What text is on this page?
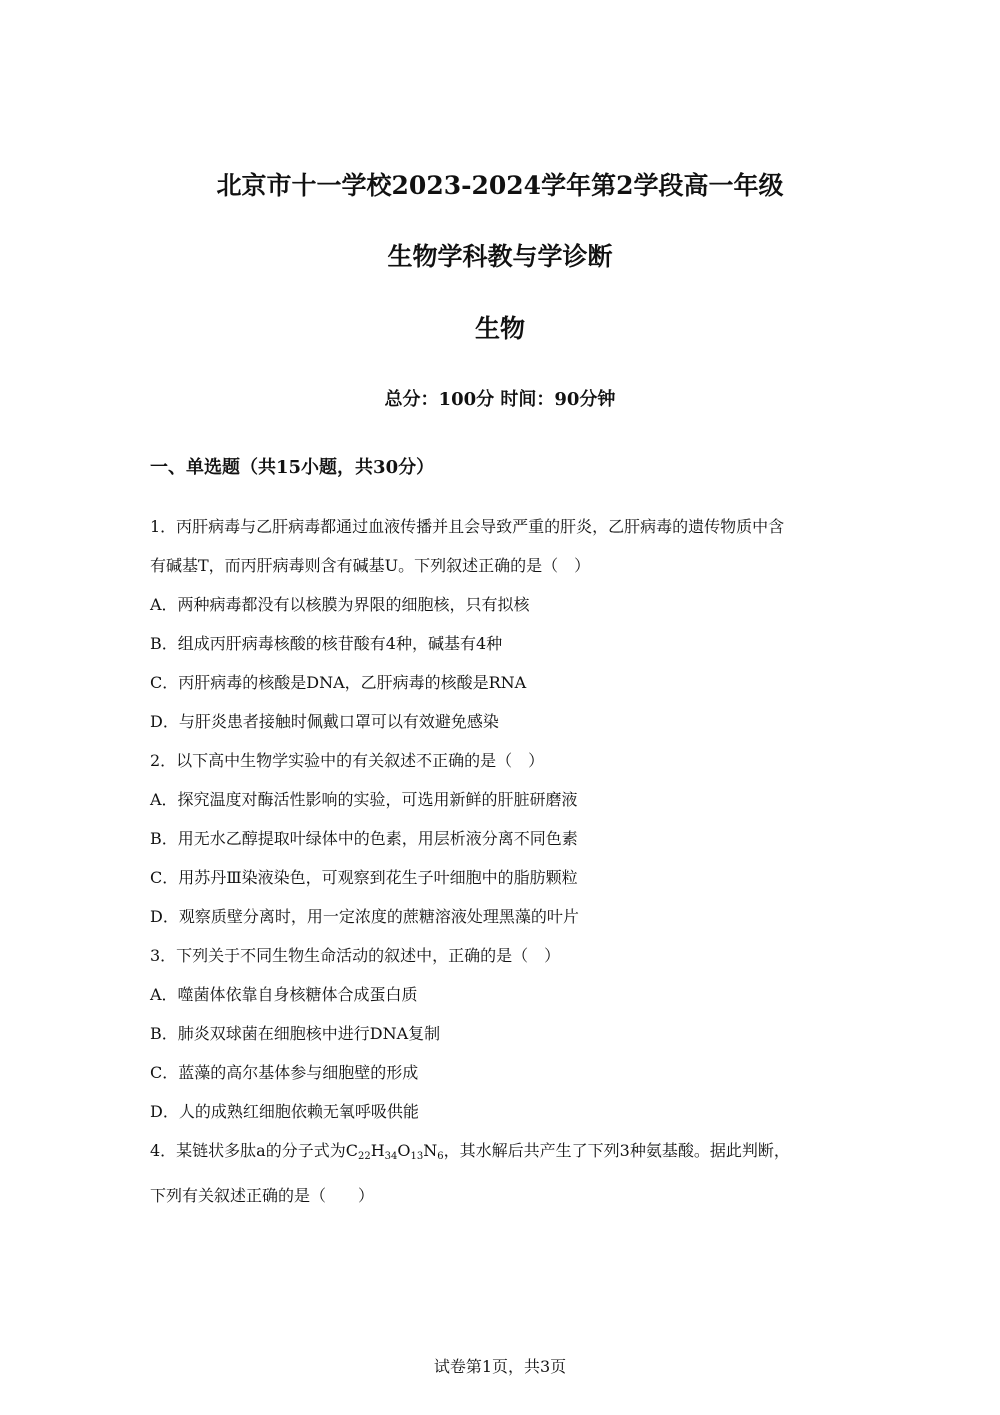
北京市十一学校2023-2024学年第2学段高一年级
生物学科教与学诊断
生物
总分：100分 时间：90分钟
一、单选题（共15小题，共30分）

1．丙肝病毒与乙肝病毒都通过血液传播并且会导致严重的肝炎，乙肝病毒的遗传物质中含

有碱基T，而丙肝病毒则含有碱基U。下列叙述正确的是（　）

A．两种病毒都没有以核膜为界限的细胞核，只有拟核

B．组成丙肝病毒核酸的核苷酸有4种，碱基有4种

C．丙肝病毒的核酸是DNA，乙肝病毒的核酸是RNA

D．与肝炎患者接触时佩戴口罩可以有效避免感染

2．以下高中生物学实验中的有关叙述不正确的是（　）

A．探究温度对酶活性影响的实验，可选用新鲜的肝脏研磨液

B．用无水乙醇提取叶绿体中的色素，用层析液分离不同色素

C．用苏丹Ⅲ染液染色，可观察到花生子叶细胞中的脂肪颗粒

D．观察质壁分离时，用一定浓度的蔗糖溶液处理黑藻的叶片

3．下列关于不同生物生命活动的叙述中，正确的是（　）

A．噬菌体依靠自身核糖体合成蛋白质

B．肺炎双球菌在细胞核中进行DNA复制

C．蓝藻的高尔基体参与细胞壁的形成

D．人的成熟红细胞依赖无氧呼吸供能

4．某链状多肽a的分子式为$C_{22}H_{34}O_{13}N_6$，其水解后共产生了下列3种氨基酸。据此判断，

下列有关叙述正确的是（　　）

试卷第1页，共3页
